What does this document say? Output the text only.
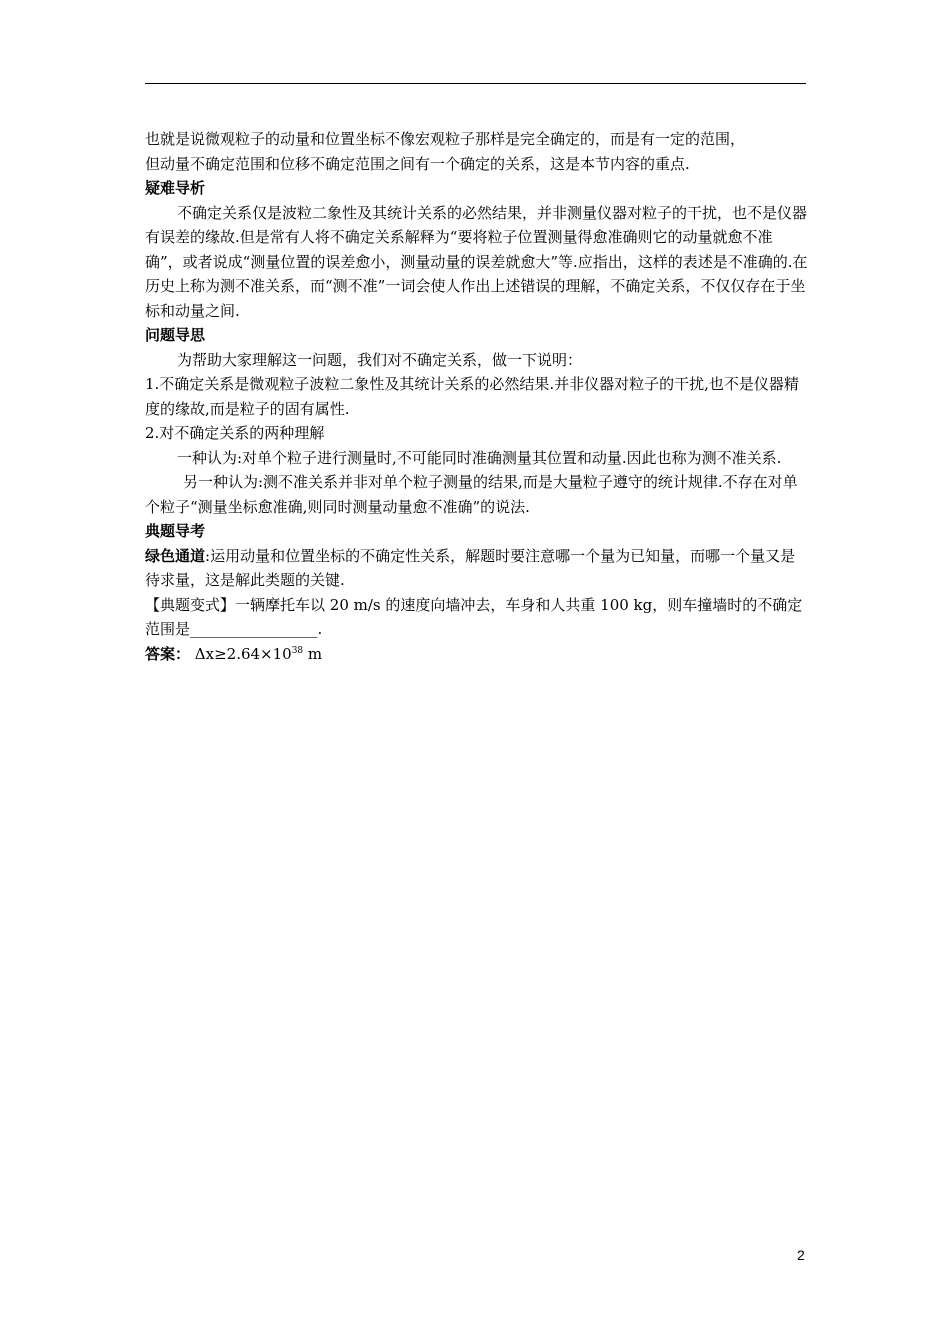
也就是说微观粒子的动量和位置坐标不像宏观粒子那样是完全确定的，而是有一定的范围，

但动量不确定范围和位移不确定范围之间有一个确定的关系，这是本节内容的重点.

疑难导析

不确定关系仅是波粒二象性及其统计关系的必然结果，并非测量仪器对粒子的干扰，也不是仪器有误差的缘故.但是常有人将不确定关系解释为“要将粒子位置测量得愈准确则它的动量就愈不准确”，或者说成“测量位置的误差愈小，测量动量的误差就愈大”等.应指出，这样的表述是不准确的.在历史上称为测不准关系，而“测不准”一词会使人作出上述错误的理解，不确定关系，不仅仅存在于坐标和动量之间.

问题导思

为帮助大家理解这一问题，我们对不确定关系，做一下说明：

1.不确定关系是微观粒子波粒二象性及其统计关系的必然结果.并非仪器对粒子的干扰,也不是仪器精度的缘故,而是粒子的固有属性.

2.对不确定关系的两种理解

一种认为:对单个粒子进行测量时,不可能同时准确测量其位置和动量.因此也称为测不准关系.

另一种认为:测不准关系并非对单个粒子测量的结果,而是大量粒子遵守的统计规律.不存在对单个粒子“测量坐标愈准确,则同时测量动量愈不准确”的说法.

典题导考

绿色通道:运用动量和位置坐标的不确定性关系，解题时要注意哪一个量为已知量，而哪一个量又是待求量，这是解此类题的关键.

【典题变式】一辆摩托车以 20 m/s 的速度向墙冲去，车身和人共重 100 kg，则车撞墙时的不确定范围是_________________.

答案： $\Delta x\ge 2.64\times 10^{38}$ m

2
